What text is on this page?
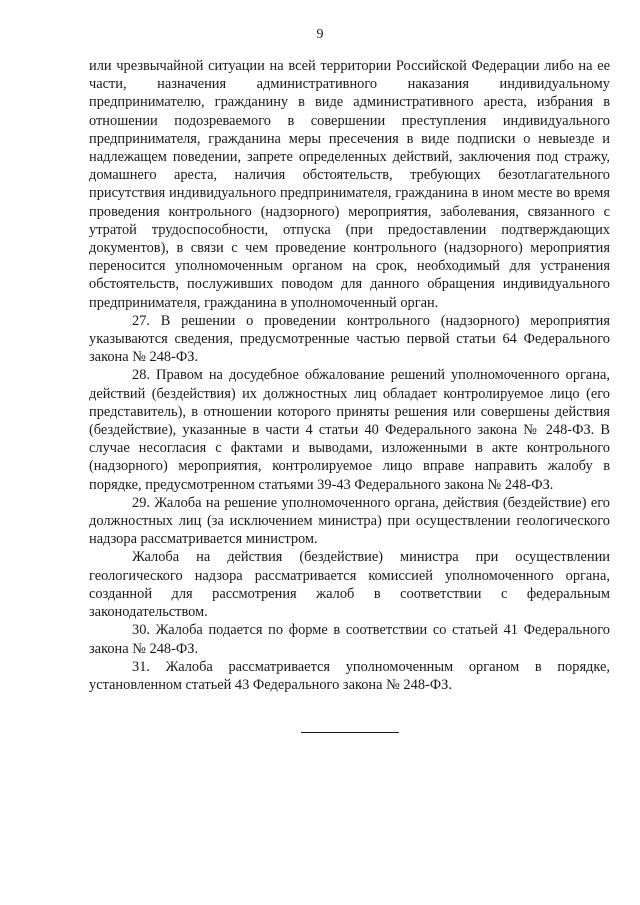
9

или чрезвычайной ситуации на всей территории Российской Федерации либо на ее части, назначения административного наказания индивидуальному предпринимателю, гражданину в виде административного ареста, избрания в отношении подозреваемого в совершении преступления индивидуального предпринимателя, гражданина меры пресечения в виде подписки о невыезде и надлежащем поведении, запрете определенных действий, заключения под стражу, домашнего ареста, наличия обстоятельств, требующих безотлагательного присутствия индивидуального предпринимателя, гражданина в ином месте во время проведения контрольного (надзорного) мероприятия, заболевания, связанного с утратой трудоспособности, отпуска (при предоставлении подтверждающих документов), в связи с чем проведение контрольного (надзорного) мероприятия переносится уполномоченным органом на срок, необходимый для устранения обстоятельств, послуживших поводом для данного обращения индивидуального предпринимателя, гражданина в уполномоченный орган.

27. В решении о проведении контрольного (надзорного) мероприятия указываются сведения, предусмотренные частью первой статьи 64 Федерального закона № 248-ФЗ.

28. Правом на досудебное обжалование решений уполномоченного органа, действий (бездействия) их должностных лиц обладает контролируемое лицо (его представитель), в отношении которого приняты решения или совершены действия (бездействие), указанные в части 4 статьи 40 Федерального закона № 248-ФЗ. В случае несогласия с фактами и выводами, изложенными в акте контрольного (надзорного) мероприятия, контролируемое лицо вправе направить жалобу в порядке, предусмотренном статьями 39-43 Федерального закона № 248-ФЗ.

29. Жалоба на решение уполномоченного органа, действия (бездействие) его должностных лиц (за исключением министра) при осуществлении геологического надзора рассматривается министром.

Жалоба на действия (бездействие) министра при осуществлении геологического надзора рассматривается комиссией уполномоченного органа, созданной для рассмотрения жалоб в соответствии с федеральным законодательством.

30. Жалоба подается по форме в соответствии со статьей 41 Федерального закона № 248-ФЗ.

31. Жалоба рассматривается уполномоченным органом в порядке, установленном статьей 43 Федерального закона № 248-ФЗ.
